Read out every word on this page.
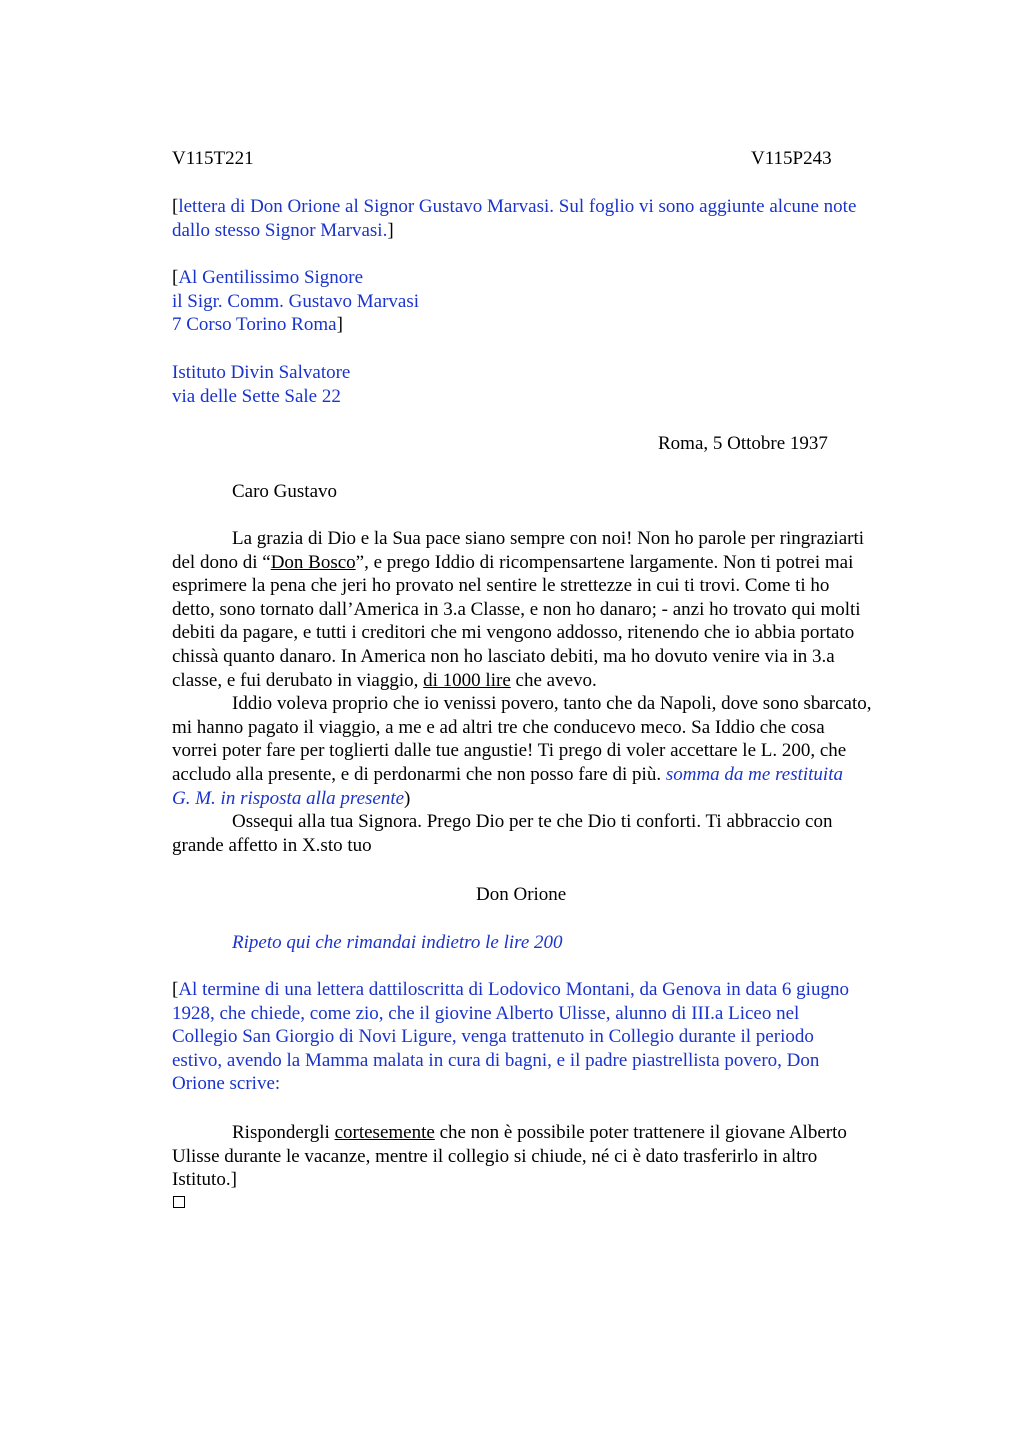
V115T221	V115P243
[lettera di Don Orione al Signor Gustavo Marvasi. Sul foglio vi sono aggiunte alcune note
dallo stesso Signor Marvasi.]
[Al Gentilissimo Signore
il Sigr. Comm. Gustavo Marvasi
7 Corso Torino Roma]
Istituto Divin Salvatore
via delle Sette Sale 22
Roma, 5 Ottobre 1937
Caro Gustavo
La grazia di Dio e la Sua pace siano sempre con noi! Non ho parole per ringraziarti
del dono di “Don Bosco”, e prego Iddio di ricompensartene largamente. Non ti potrei mai
esprimere la pena che jeri ho provato nel sentire le strettezze in cui ti trovi. Come ti ho
detto, sono tornato dall’America in 3.a Classe, e non ho danaro; - anzi ho trovato qui molti
debiti da pagare, e tutti i creditori che mi vengono addosso, ritenendo che io abbia portato
chissà quanto danaro. In America non ho lasciato debiti, ma ho dovuto venire via in 3.a
classe, e fui derubato in viaggio, di 1000 lire che avevo.
Iddio voleva proprio che io venissi povero, tanto che da Napoli, dove sono sbarcato,
mi hanno pagato il viaggio, a me e ad altri tre che conducevo meco. Sa Iddio che cosa
vorrei poter fare per toglierti dalle tue angustie! Ti prego di voler accettare le L. 200, che
accludo alla presente, e di perdonarmi che non posso fare di più. somma da me restituita
G. M. in risposta alla presente)
Ossequi alla tua Signora. Prego Dio per te che Dio ti conforti. Ti abbraccio con
grande affetto in X.sto tuo
Don Orione
Ripeto qui che rimandai indietro le lire 200
[Al termine di una lettera dattiloscritta di Lodovico Montani, da Genova in data 6 giugno
1928, che chiede, come zio, che il giovine Alberto Ulisse, alunno di III.a Liceo nel
Collegio San Giorgio di Novi Ligure, venga trattenuto in Collegio durante il periodo
estivo, avendo la Mamma malata in cura di bagni, e il padre piastrellista povero, Don
Orione scrive:
Rispondergli cortesemente che non è possibile poter trattenere il giovane Alberto
Ulisse durante le vacanze, mentre il collegio si chiude, né ci è dato trasferirlo in altro
Istituto.]
